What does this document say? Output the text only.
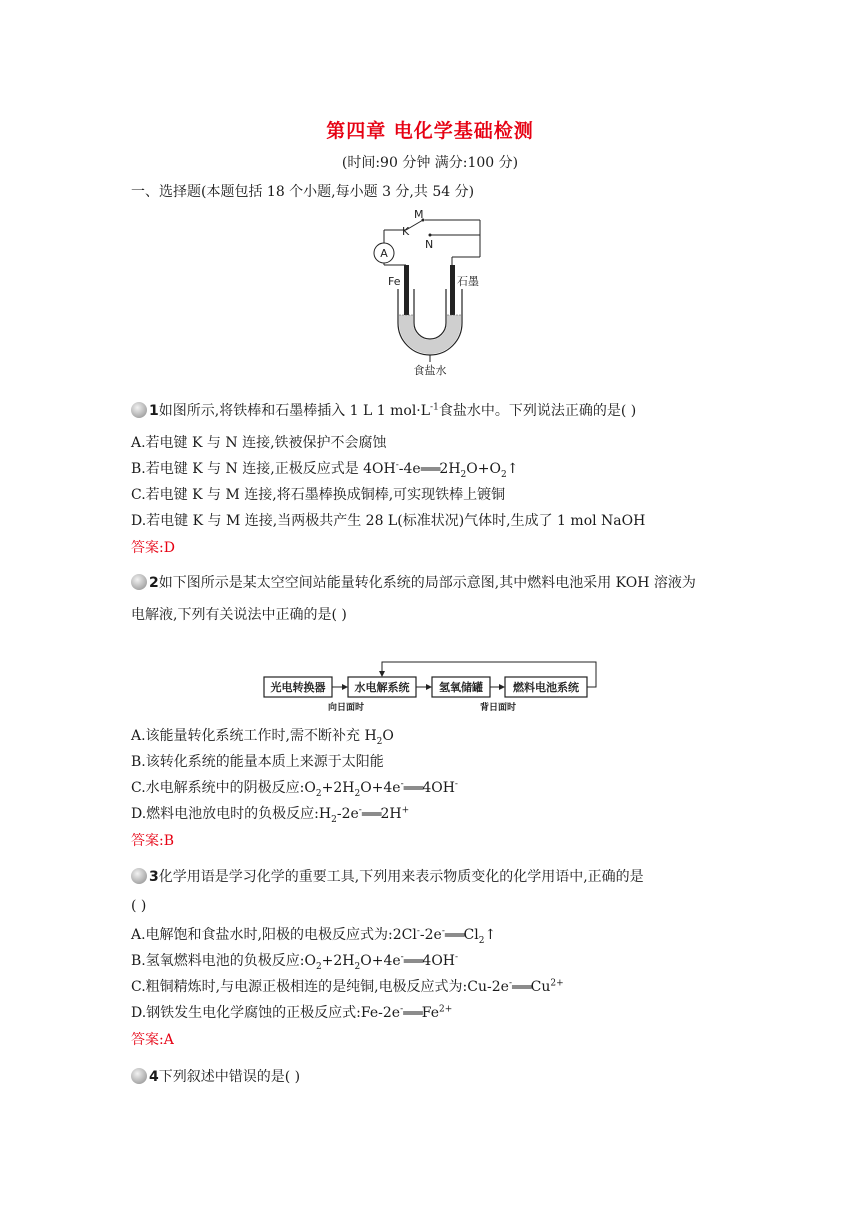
第四章 电化学基础检测
(时间:90 分钟 满分:100 分)
一、选择题(本题包括 18 个小题,每小题 3 分,共 54 分)
A
M
K
N
Fe	石墨
食盐水
1如图所示,将铁棒和石墨棒插入 1 L 1 $mol\cdot L^{-1}$食盐水中。下列说法正确的是( )
A.若电键 K 与 N 连接,铁被保护不会腐蚀
B.若电键 K 与 N 连接,正极反应式是 $4OH^--4e═══2H_2O+O_2↑$
C.若电键 K 与 M 连接,将石墨棒换成铜棒,可实现铁棒上镀铜
D.若电键 K 与 M 连接,当两极共产生 28 L(标准状况)气体时,生成了 1 mol NaOH
答案:D
2如下图所示是某太空空间站能量转化系统的局部示意图,其中燃料电池采用 KOH 溶液为
电解液,下列有关说法中正确的是( )
光电转换器	水电解系统	氢氧储罐	燃料电池系统
向日面时	背日面时
A.该能量转化系统工作时,需不断补充 $H_2O$
B.该转化系统的能量本质上来源于太阳能
C.水电解系统中的阴极反应$:O_2+2H_2O+4e^-═══4OH^-$
D.燃料电池放电时的负极反应$:H_2-2e^-═══2H^+$
答案:B
3化学用语是学习化学的重要工具,下列用来表示物质变化的化学用语中,正确的是
( )
A.电解饱和食盐水时,阳极的电极反应式为$:2Cl^--2e^-═══Cl_2↑$
B.氢氧燃料电池的负极反应$:O_2+2H_2O+4e^-═══4OH^-$
C.粗铜精炼时,与电源正极相连的是纯铜,电极反应式为$:Cu-2e^-═══Cu^{2+}$
D.钢铁发生电化学腐蚀的正极反应式$:Fe-2e^-═══Fe^{2+}$
答案:A
4下列叙述中错误的是( )
